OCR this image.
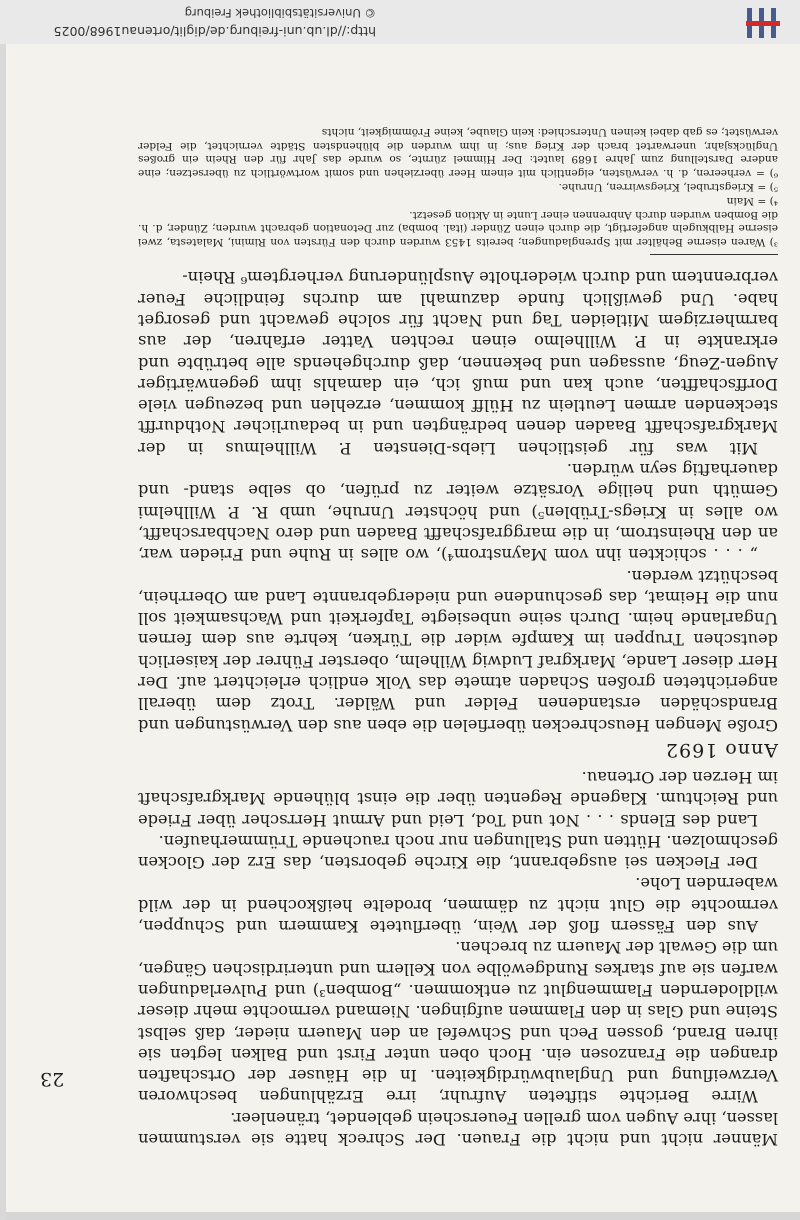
http://dl.ub.uni-freiburg.de/diglit/ortenau1968/0025
© Universitätsbibliothek Freiburg
23

Männer nicht und nicht die Frauen. Der Schreck hatte sie verstummen lassen, ihre Augen vom grellen Feuerschein geblendet, tränenleer.

Wirre Berichte stifteten Aufruhr, irre Erzählungen beschworen Verzweiflung und Unglaubwürdigkeiten. In die Häuser der Ortschaften drangen die Franzosen ein. Hoch oben unter First und Balken legten sie ihren Brand, gossen Pech und Schwefel an den Mauern nieder, daß selbst Steine und Glas in den Flammen aufgingen. Niemand vermochte mehr dieser wildlodernden Flammenglut zu entkommen. „Bomben³) und Pulverladungen warfen sie auf starkes Rundgewölbe von Kellern und unterirdischen Gängen, um die Gewalt der Mauern zu brechen.

Aus den Fässern floß der Wein, überflutete Kammern und Schuppen, vermochte die Glut nicht zu dämmen, brodelte heißkochend in der wild wabernden Lohe.

Der Flecken sei ausgebrannt, die Kirche geborsten, das Erz der Glocken geschmolzen. Hütten und Stallungen nur noch rauchende Trümmerhaufen.

Land des Elends . . . Not und Tod, Leid und Armut Herrscher über Friede und Reichtum. Klagende Regenten über die einst blühende Markgrafschaft im Herzen der Ortenau.

Anno 1692

Große Mengen Heuschrecken überfielen die eben aus den Verwüstungen und Brandschäden erstandenen Felder und Wälder. Trotz dem überall angerichteten großen Schaden atmete das Volk endlich erleichtert auf. Der Herr dieser Lande, Markgraf Ludwig Wilhelm, oberster Führer der kaiserlich deutschen Truppen im Kampfe wider die Türken, kehrte aus dem fernen Ungarlande heim. Durch seine unbesiegte Tapferkeit und Wachsamkeit soll nun die Heimat, das geschundene und niedergebrannte Land am Oberrhein, beschützt werden.

„ . . . schickten ihn vom Maynstrom⁴), wo alles in Ruhe und Frieden war, an den Rheinstrom, in die marggrafschafft Baaden und dero Nachbarschafft, wo alles in Kriegs-Trüblen⁵) und höchster Unruhe, umb R. P. Willhelmi Gemüth und heilige Vorsätze weiter zu prüfen, ob selbe stand- und dauerhaftig seyn würden.

Mit was für geistlichen Liebs-Diensten P. Willhelmus in der Markgrafschafft Baaden denen bedrängten und in bedaurlicher Nothdurfft steckenden armen Leutlein zu Hülff kommen, erzehlen und bezeugen viele Dorffschafften, auch kan und muß ich, ein damahls ihm gegenwärtiger Augen-Zeug, aussagen und bekennen, daß durchgehends alle betrübte und erkrankte in P. Willhelmo einen rechten Vatter erfahren, der aus barmherzigem Mitleiden Tag und Nacht für solche gewacht und gesorget habe. Und gewißlich funde dazumahl am durchs feindliche Feuer verbrenntem und durch wiederholte Ausplünderung verhergtem⁶ Rhein-

³) Waren eiserne Behälter mit Sprengladungen; bereits 1453 wurden durch den Fürsten von Rimini, Malatesta, zwei eiserne Halbkugeln angefertigt, die durch einen Zünder (ital. bomba) zur Detonation gebracht wurden; Zünder, d. h. die Bomben wurden durch Anbrennen einer Lunte in Aktion gesetzt.

⁴) = Main

⁵) = Kriegstrubel, Kriegswirren, Unruhe.

⁶) = verheeren, d. h. verwüsten, eigentlich mit einem Heer überziehen und somit wortwörtlich zu übersetzen; eine andere Darstellung zum Jahre 1689 lautet: Der Himmel zürnte, so wurde das Jahr für den Rhein ein großes Unglücksjahr, unerwartet brach der Krieg aus; in ihm wurden die blühendsten Städte vernichtet, die Felder verwüstet; es gab dabei keinen Unterschied: kein Glaube, keine Frömmigkeit, nichts
